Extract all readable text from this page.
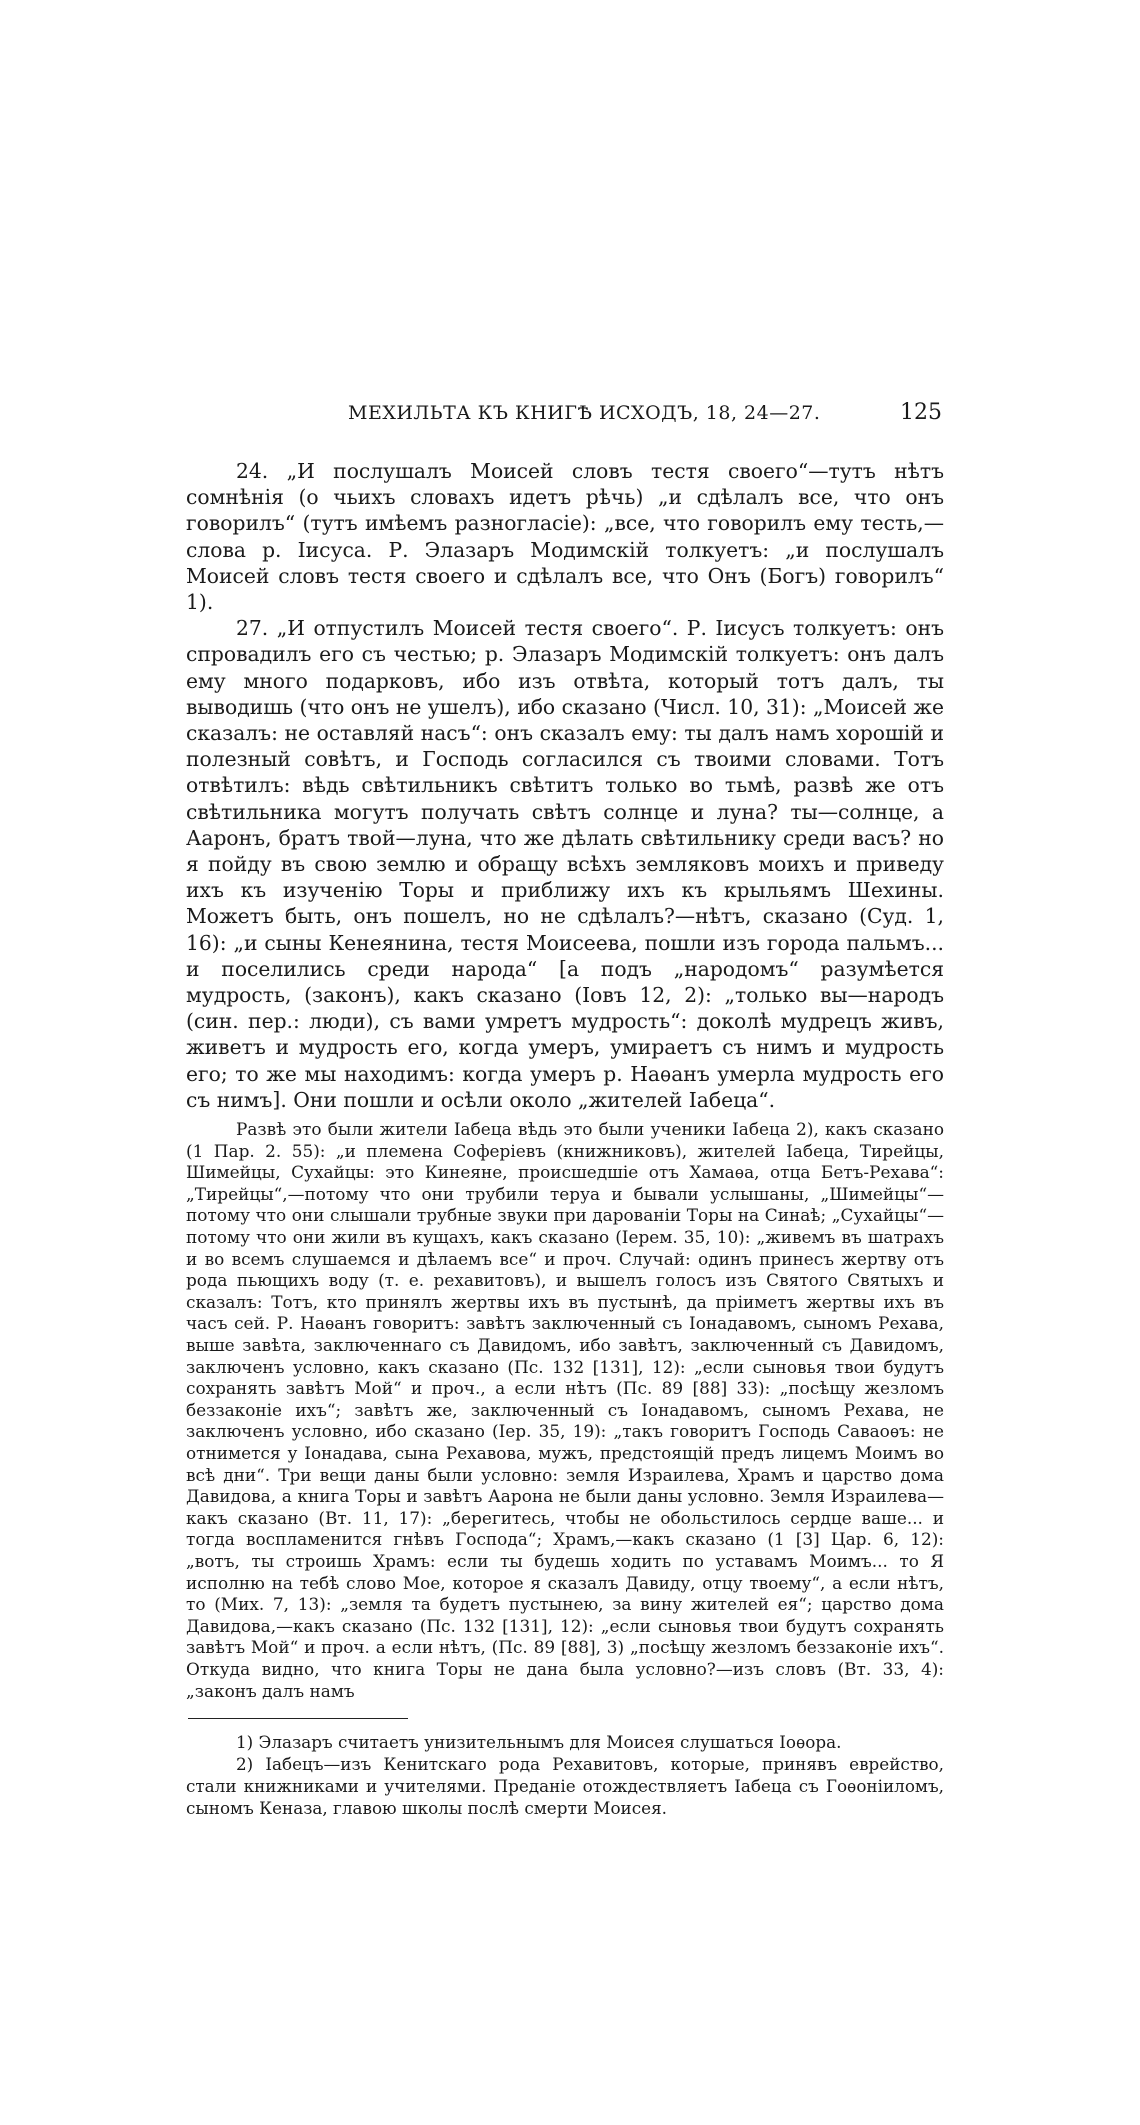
МЕХИЛЬТА КЪ КНИГѢ ИСХОДЪ, 18, 24—27.	125

24. „И послушалъ Моисей словъ тестя своего“—тутъ нѣтъ сомнѣнія (о чьихъ словахъ идетъ рѣчь) „и сдѣлалъ все, что онъ говорилъ“ (тутъ имѣемъ разногласіе): „все, что говорилъ ему тесть,—слова р. Іисуса. Р. Элазаръ Модимскій толкуетъ: „и послушалъ Моисей словъ тестя своего и сдѣлалъ все, что Онъ (Богъ) говорилъ“ 1).

27. „И отпустилъ Моисей тестя своего“. Р. Іисусъ толкуетъ: онъ спровадилъ его съ честью; р. Элазаръ Модимскій толкуетъ: онъ далъ ему много подарковъ, ибо изъ отвѣта, который тотъ далъ, ты выводишь (что онъ не ушелъ), ибо сказано (Числ. 10, 31): „Моисей же сказалъ: не оставляй насъ“: онъ сказалъ ему: ты далъ намъ хорошій и полезный совѣтъ, и Господь согласился съ твоими словами. Тотъ отвѣтилъ: вѣдь свѣтильникъ свѣтитъ только во тьмѣ, развѣ же отъ свѣтильника могутъ получать свѣтъ солнце и луна? ты—солнце, а Ааронъ, братъ твой—луна, что же дѣлать свѣтильнику среди васъ? но я пойду въ свою землю и обращу всѣхъ земляковъ моихъ и приведу ихъ къ изученію Торы и приближу ихъ къ крыльямъ Шехины. Можетъ быть, онъ пошелъ, но не сдѣлалъ?—нѣтъ, сказано (Суд. 1, 16): „и сыны Кенеянина, тестя Моисеева, пошли изъ города пальмъ... и поселились среди народа“ [а подъ „народомъ“ разумѣется мудрость, (законъ), какъ сказано (Іовъ 12, 2): „только вы—народъ (син. пер.: люди), съ вами умретъ мудрость“: доколѣ мудрецъ живъ, живетъ и мудрость его, когда умеръ, умираетъ съ нимъ и мудрость его; то же мы находимъ: когда умеръ р. Наѳанъ умерла мудрость его съ нимъ]. Они пошли и осѣли около „жителей Іабеца“.

Развѣ это были жители Іабеца вѣдь это были ученики Іабеца 2), какъ сказано (1 Пар. 2. 55): „и племена Соферіевъ (книжниковъ), жителей Іабеца, Тирейцы, Шимейцы, Сухайцы: это Кинеяне, происшедшіе отъ Хамаѳа, отца Бетъ-Рехава“: „Тирейцы“,—потому что они трубили теруа и бывали услышаны, „Шимейцы“—потому что они слышали трубные звуки при дарованіи Торы на Синаѣ; „Сухайцы“—потому что они жили въ кущахъ, какъ сказано (Іерем. 35, 10): „живемъ въ шатрахъ и во всемъ слушаемся и дѣлаемъ все“ и проч. Случай: одинъ принесъ жертву отъ рода пьющихъ воду (т. е. рехавитовъ), и вышелъ голосъ изъ Святого Святыхъ и сказалъ: Тотъ, кто принялъ жертвы ихъ въ пустынѣ, да пріиметъ жертвы ихъ въ часъ сей. Р. Наѳанъ говоритъ: завѣтъ заключенный съ Іонадавомъ, сыномъ Рехава, выше завѣта, заключеннаго съ Давидомъ, ибо завѣтъ, заключенный съ Давидомъ, заключенъ условно, какъ сказано (Пс. 132 [131], 12): „если сыновья твои будутъ сохранять завѣтъ Мой“ и проч., а если нѣтъ (Пс. 89 [88] 33): „посѣщу жезломъ беззаконіе ихъ“; завѣтъ же, заключенный съ Іонадавомъ, сыномъ Рехава, не заключенъ условно, ибо сказано (Іер. 35, 19): „такъ говоритъ Господь Саваоѳъ: не отнимется у Іонадава, сына Рехавова, мужъ, предстоящій предъ лицемъ Моимъ во всѣ дни“. Три вещи даны были условно: земля Израилева, Храмъ и царство дома Давидова, а книга Торы и завѣтъ Аарона не были даны условно. Земля Израилева—какъ сказано (Вт. 11, 17): „берегитесь, чтобы не обольстилось сердце ваше... и тогда воспламенится гнѣвъ Господа“; Храмъ,—какъ сказано (1 [3] Цар. 6, 12): „вотъ, ты строишь Храмъ: если ты будешь ходить по уставамъ Моимъ... то Я исполню на тебѣ слово Мое, которое я сказалъ Давиду, отцу твоему“, а если нѣтъ, то (Мих. 7, 13): „земля та будетъ пустынею, за вину жителей ея“; царство дома Давидова,—какъ сказано (Пс. 132 [131], 12): „если сыновья твои будутъ сохранять завѣтъ Мой“ и проч. а если нѣтъ, (Пс. 89 [88], 3) „посѣщу жезломъ беззаконіе ихъ“. Откуда видно, что книга Торы не дана была условно?—изъ словъ (Вт. 33, 4): „законъ далъ намъ

1) Элазаръ считаетъ унизительнымъ для Моисея слушаться Іоѳора.

2) Іабецъ—изъ Кенитскаго рода Рехавитовъ, которые, принявъ еврейство, стали книжниками и учителями. Преданіе отождествляетъ Іабеца съ Гоѳоніиломъ, сыномъ Кеназа, главою школы послѣ смерти Моисея.
